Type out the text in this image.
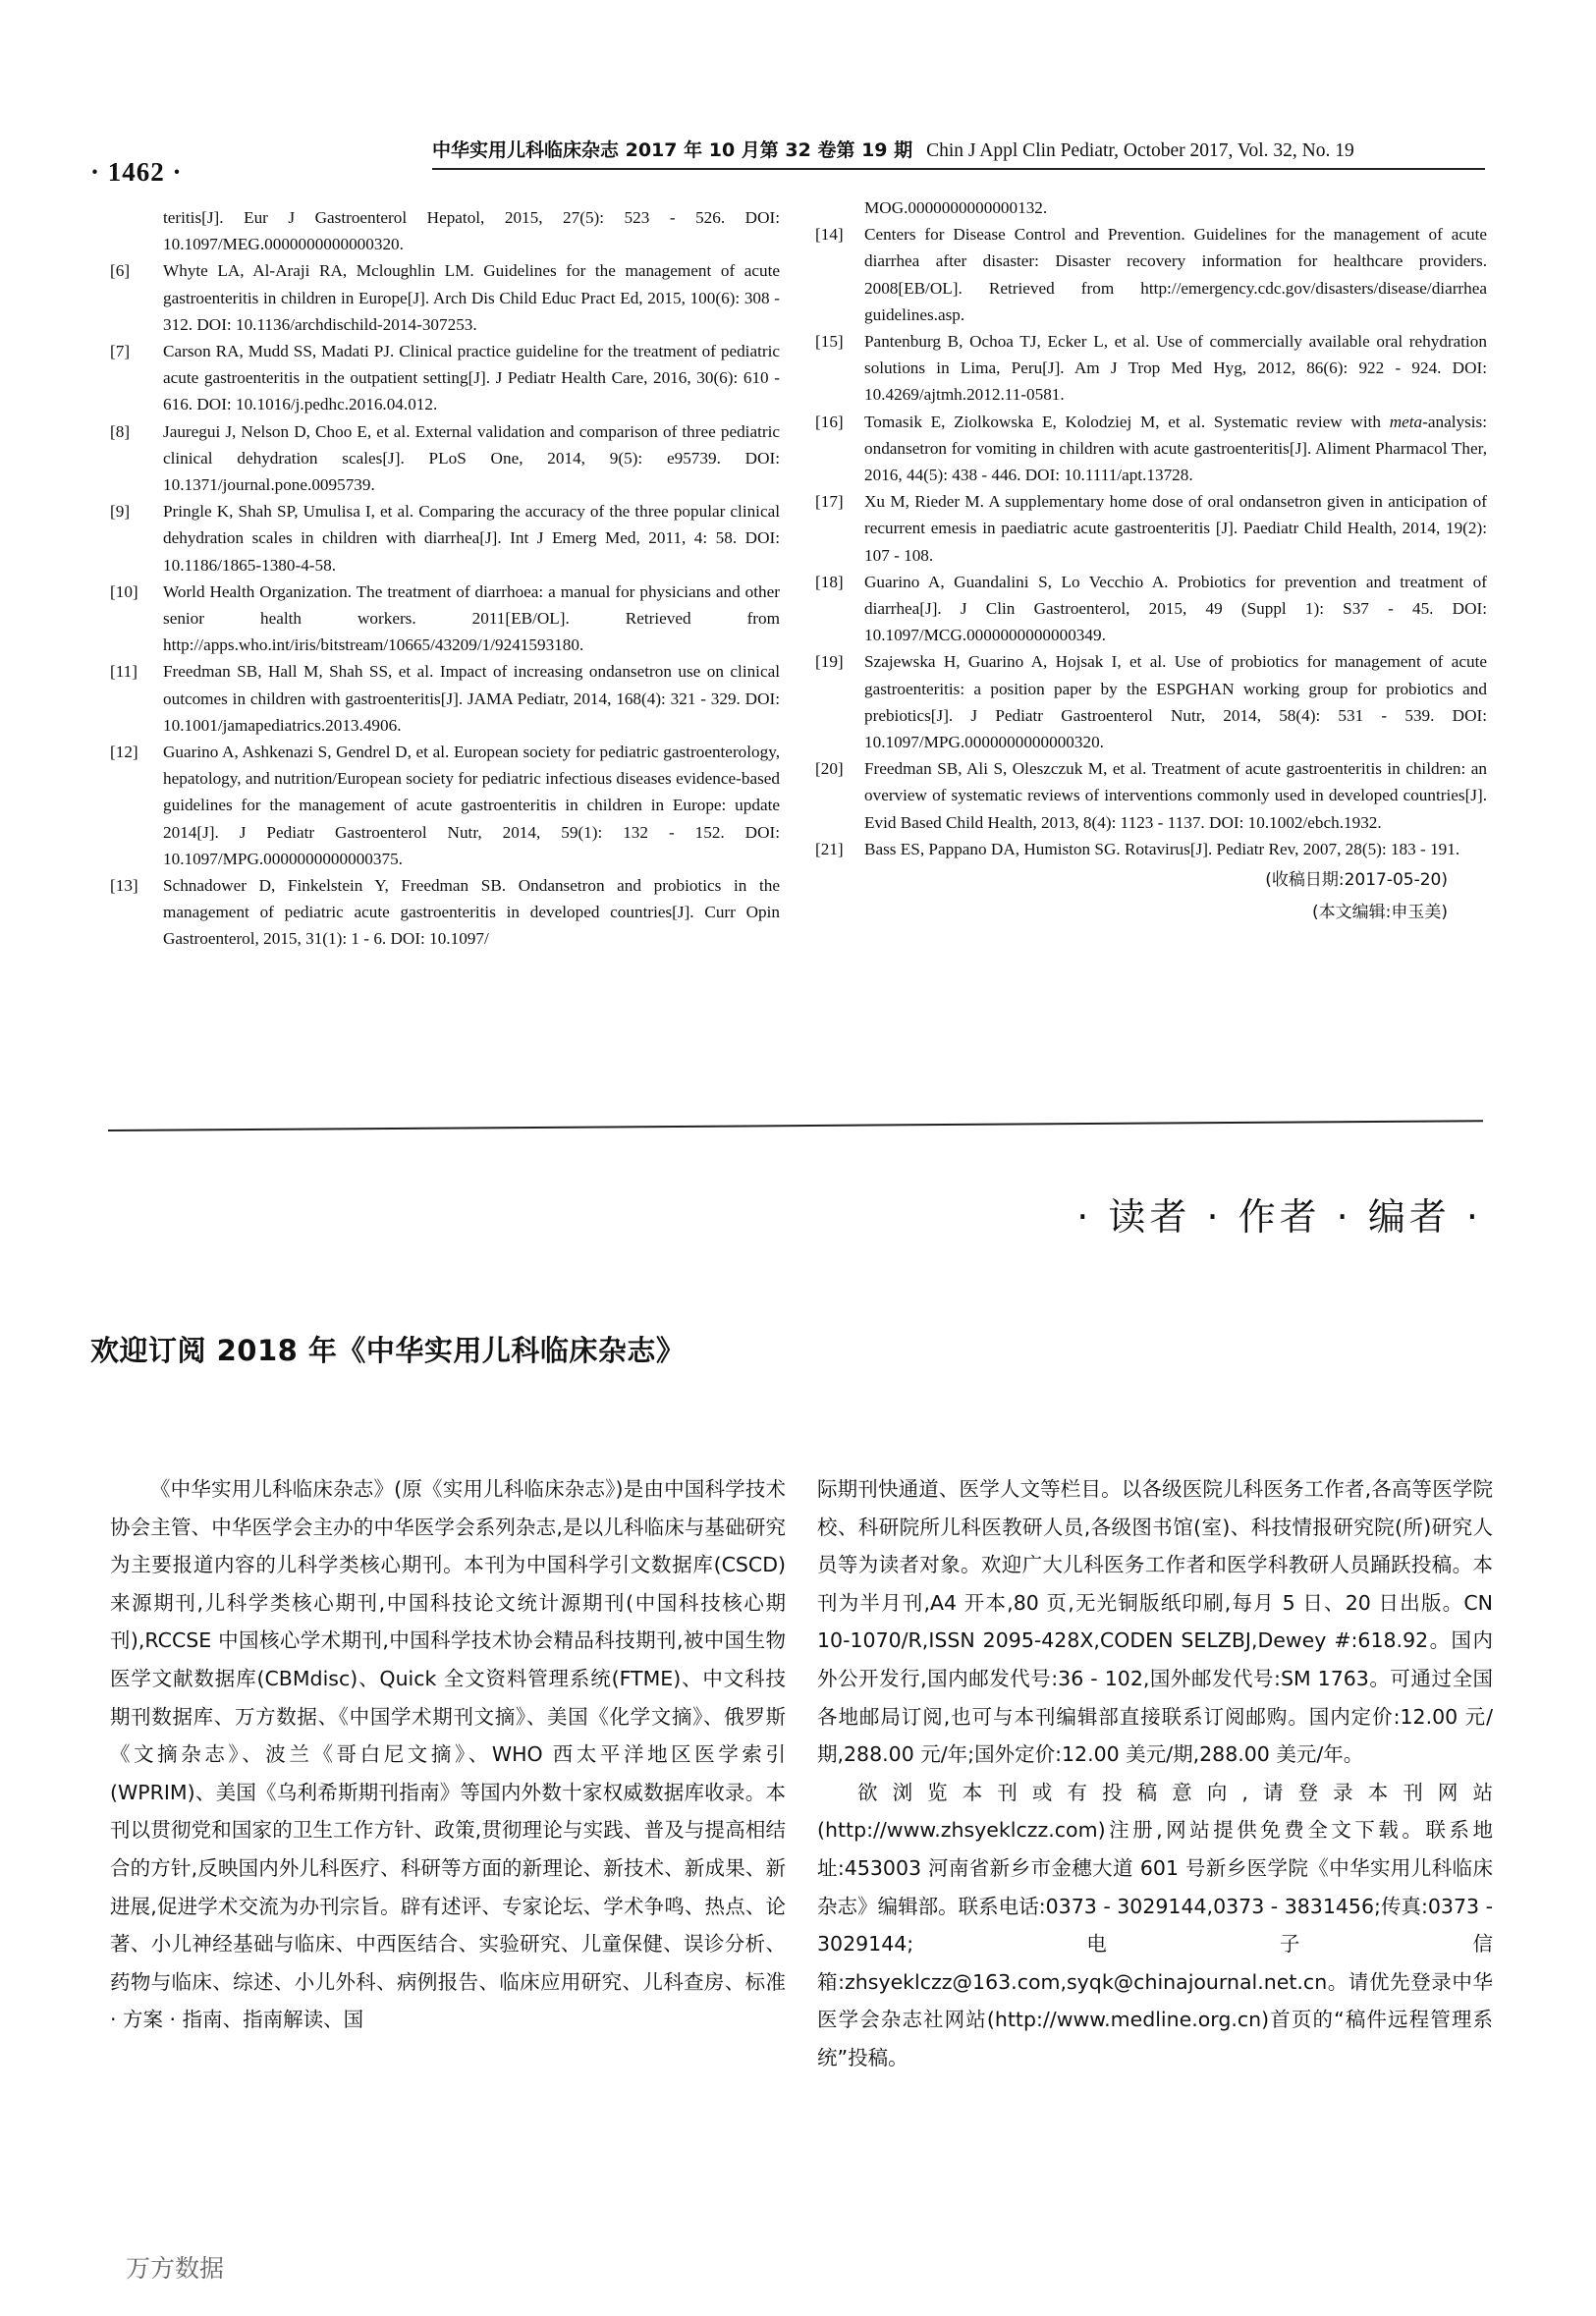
· 1462 ·
中华实用儿科临床杂志 2017 年 10 月第 32 卷第 19 期 Chin J Appl Clin Pediatr, October 2017, Vol. 32, No. 19

teritis[J]. Eur J Gastroenterol Hepatol, 2015, 27(5): 523 - 526. DOI: 10.1097/MEG.0000000000000320.

[6] Whyte LA, Al-Araji RA, Mcloughlin LM. Guidelines for the management of acute gastroenteritis in children in Europe[J]. Arch Dis Child Educ Pract Ed, 2015, 100(6): 308 - 312. DOI: 10.1136/archdischild-2014-307253.

[7] Carson RA, Mudd SS, Madati PJ. Clinical practice guideline for the treatment of pediatric acute gastroenteritis in the outpatient setting[J]. J Pediatr Health Care, 2016, 30(6): 610 - 616. DOI: 10.1016/j.pedhc.2016.04.012.

[8] Jauregui J, Nelson D, Choo E, et al. External validation and comparison of three pediatric clinical dehydration scales[J]. PLoS One, 2014, 9(5): e95739. DOI: 10.1371/journal.pone.0095739.

[9] Pringle K, Shah SP, Umulisa I, et al. Comparing the accuracy of the three popular clinical dehydration scales in children with diarrhea[J]. Int J Emerg Med, 2011, 4: 58. DOI: 10.1186/1865-1380-4-58.

[10] World Health Organization. The treatment of diarrhoea: a manual for physicians and other senior health workers. 2011[EB/OL]. Retrieved from http://apps.who.int/iris/bitstream/10665/43209/1/9241593180.

[11] Freedman SB, Hall M, Shah SS, et al. Impact of increasing ondansetron use on clinical outcomes in children with gastroenteritis[J]. JAMA Pediatr, 2014, 168(4): 321 - 329. DOI: 10.1001/jamapediatrics.2013.4906.

[12] Guarino A, Ashkenazi S, Gendrel D, et al. European society for pediatric gastroenterology, hepatology, and nutrition/European society for pediatric infectious diseases evidence-based guidelines for the management of acute gastroenteritis in children in Europe: update 2014[J]. J Pediatr Gastroenterol Nutr, 2014, 59(1): 132 - 152. DOI: 10.1097/MPG.0000000000000375.

[13] Schnadower D, Finkelstein Y, Freedman SB. Ondansetron and probiotics in the management of pediatric acute gastroenteritis in developed countries[J]. Curr Opin Gastroenterol, 2015, 31(1): 1 - 6. DOI: 10.1097/

MOG.0000000000000132.

[14] Centers for Disease Control and Prevention. Guidelines for the management of acute diarrhea after disaster: Disaster recovery information for healthcare providers. 2008[EB/OL]. Retrieved from http://emergency.cdc.gov/disasters/disease/diarrhea guidelines.asp.

[15] Pantenburg B, Ochoa TJ, Ecker L, et al. Use of commercially available oral rehydration solutions in Lima, Peru[J]. Am J Trop Med Hyg, 2012, 86(6): 922 - 924. DOI: 10.4269/ajtmh.2012.11-0581.

[16] Tomasik E, Ziolkowska E, Kolodziej M, et al. Systematic review with meta-analysis: ondansetron for vomiting in children with acute gastroenteritis[J]. Aliment Pharmacol Ther, 2016, 44(5): 438 - 446. DOI: 10.1111/apt.13728.

[17] Xu M, Rieder M. A supplementary home dose of oral ondansetron given in anticipation of recurrent emesis in paediatric acute gastroenteritis [J]. Paediatr Child Health, 2014, 19(2): 107 - 108.

[18] Guarino A, Guandalini S, Lo Vecchio A. Probiotics for prevention and treatment of diarrhea[J]. J Clin Gastroenterol, 2015, 49 (Suppl 1): S37 - 45. DOI: 10.1097/MCG.0000000000000349.

[19] Szajewska H, Guarino A, Hojsak I, et al. Use of probiotics for management of acute gastroenteritis: a position paper by the ESPGHAN working group for probiotics and prebiotics[J]. J Pediatr Gastroenterol Nutr, 2014, 58(4): 531 - 539. DOI: 10.1097/MPG.0000000000000320.

[20] Freedman SB, Ali S, Oleszczuk M, et al. Treatment of acute gastroenteritis in children: an overview of systematic reviews of interventions commonly used in developed countries[J]. Evid Based Child Health, 2013, 8(4): 1123 - 1137. DOI: 10.1002/ebch.1932.

[21] Bass ES, Pappano DA, Humiston SG. Rotavirus[J]. Pediatr Rev, 2007, 28(5): 183 - 191.

(收稿日期:2017-05-20)
(本文编辑:申玉美)
· 读者 · 作者 · 编者 ·
欢迎订阅 2018 年《中华实用儿科临床杂志》

《中华实用儿科临床杂志》(原《实用儿科临床杂志》)是由中国科学技术协会主管、中华医学会主办的中华医学会系列杂志,是以儿科临床与基础研究为主要报道内容的儿科学类核心期刊。本刊为中国科学引文数据库(CSCD)来源期刊,儿科学类核心期刊,中国科技论文统计源期刊(中国科技核心期刊),RCCSE 中国核心学术期刊,中国科学技术协会精品科技期刊,被中国生物医学文献数据库(CBMdisc)、Quick 全文资料管理系统(FTME)、中文科技期刊数据库、万方数据、《中国学术期刊文摘》、美国《化学文摘》、俄罗斯《文摘杂志》、波兰《哥白尼文摘》、WHO 西太平洋地区医学索引(WPRIM)、美国《乌利希斯期刊指南》等国内外数十家权威数据库收录。本刊以贯彻党和国家的卫生工作方针、政策,贯彻理论与实践、普及与提高相结合的方针,反映国内外儿科医疗、科研等方面的新理论、新技术、新成果、新进展,促进学术交流为办刊宗旨。辟有述评、专家论坛、学术争鸣、热点、论著、小儿神经基础与临床、中西医结合、实验研究、儿童保健、误诊分析、药物与临床、综述、小儿外科、病例报告、临床应用研究、儿科查房、标准 · 方案 · 指南、指南解读、国

际期刊快通道、医学人文等栏目。以各级医院儿科医务工作者,各高等医学院校、科研院所儿科医教研人员,各级图书馆(室)、科技情报研究院(所)研究人员等为读者对象。欢迎广大儿科医务工作者和医学科教研人员踊跃投稿。本刊为半月刊,A4 开本,80 页,无光铜版纸印刷,每月 5 日、20 日出版。CN 10-1070/R,ISSN 2095-428X,CODEN SELZBJ,Dewey #:618.92。国内外公开发行,国内邮发代号:36 - 102,国外邮发代号:SM 1763。可通过全国各地邮局订阅,也可与本刊编辑部直接联系订阅邮购。国内定价:12.00 元/期,288.00 元/年;国外定价:12.00 美元/期,288.00 美元/年。

欲浏览本刊或有投稿意向,请登录本刊网站(http://www.zhsyeklczz.com)注册,网站提供免费全文下载。联系地址:453003 河南省新乡市金穗大道 601 号新乡医学院《中华实用儿科临床杂志》编辑部。联系电话:0373 - 3029144,0373 - 3831456;传真:0373 - 3029144;电子信箱:zhsyeklczz@163.com,syqk@chinajournal.net.cn。请优先登录中华医学会杂志社网站(http://www.medline.org.cn)首页的“稿件远程管理系统”投稿。

万方数据
